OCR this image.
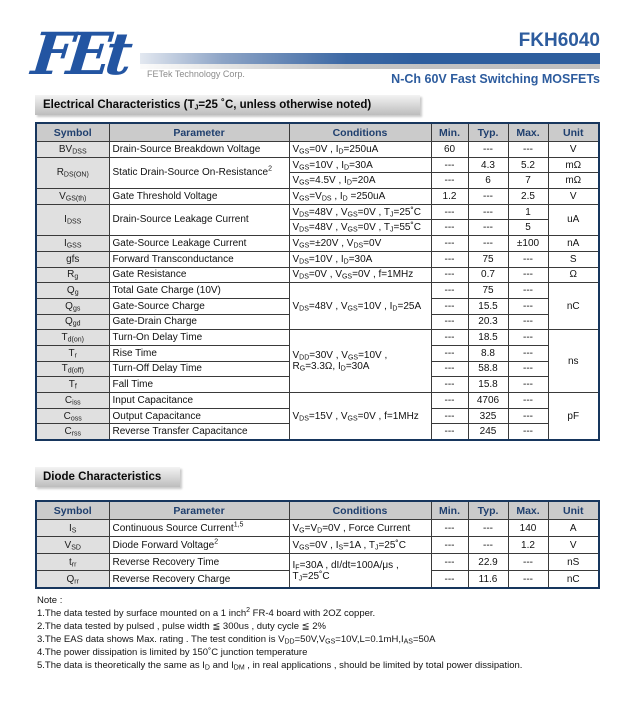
FEt	FETek Technology Corp.
FKH6040
N-Ch 60V Fast Switching MOSFETs
Electrical Characteristics ($T_J=25$ ˚C, unless otherwise noted)
Symbol	Parameter	Conditions	Min.	Typ.	Max.	Unit
$BV_{DSS}$	Drain-Source Breakdown Voltage	$V_{GS}=0V$ , $I_D=250uA$	60	---	---	V
$R_{DS(ON)}$	Static Drain-Source On-Resistance$^2$	$V_{GS}=10V$ , $I_D=30A$	---	4.3	5.2	mΩ
		$V_{GS}=4.5V$ , $I_D=20A$	---	6	7	mΩ
$V_{GS(th)}$	Gate Threshold Voltage	$V_{GS}=V_{DS}$ , $I_D =250uA$	1.2	---	2.5	V
$I_{DSS}$	Drain-Source Leakage Current	$V_{DS}=48V$ , $V_{GS}=0V$ , $T_J=25˚C$	---	---	1	uA
		$V_{DS}=48V$ , $V_{GS}=0V$ , $T_J=55˚C$	---	---	5	
$I_{GSS}$	Gate-Source Leakage Current	$V_{GS}=\pm 20V$ , $V_{DS}=0V$	---	---	±100	nA
gfs	Forward Transconductance	$V_{DS}=10V$ , $I_D=30A$	---	75	---	S
$R_g$	Gate Resistance	$V_{DS}=0V$ , $V_{GS}=0V$ , f=1MHz	---	0.7	---	Ω
$Q_g$	Total Gate Charge (10V)	$V_{DS}=48V$ , $V_{GS}=10V$ , $I_D=25A$	---	75	---	nC
$Q_{gs}$	Gate-Source Charge		---	15.5	---	
$Q_{gd}$	Gate-Drain Charge		---	20.3	---	
$T_{d(on)}$	Turn-On Delay Time	$V_{DD}=30V$ , $V_{GS}=10V$ , $R_G=3.3\Omega$, $I_D=30A$	---	18.5	---	ns
$T_r$	Rise Time		---	8.8	---	
$T_{d(off)}$	Turn-Off Delay Time		---	58.8	---	
$T_f$	Fall Time		---	15.8	---	
$C_{iss}$	Input Capacitance	$V_{DS}=15V$ , $V_{GS}=0V$ , f=1MHz	---	4706	---	pF
$C_{oss}$	Output Capacitance		---	325	---	
$C_{rss}$	Reverse Transfer Capacitance		---	245	---	
Diode Characteristics
Symbol	Parameter	Conditions	Min.	Typ.	Max.	Unit
$I_S$	Continuous Source Current$^{1,5}$	$V_G=V_D=0V$ , Force Current	---	---	140	A
$V_{SD}$	Diode Forward Voltage$^2$	$V_{GS}=0V$ , $I_S=1A$ , $T_J=25˚C$	---	---	1.2	V
$t_{rr}$	Reverse Recovery Time	$I_F=30A$ , dI/dt=100A/μs , $T_J=25˚C$	---	22.9	---	nS
$Q_{rr}$	Reverse Recovery Charge		---	11.6	---	nC
Note :
1.The data tested by surface mounted on a 1 inch$^2$ FR-4 board with 2OZ copper.
2.The data tested by pulsed , pulse width ≦ 300us , duty cycle ≦ 2%
3.The EAS data shows Max. rating . The test condition is $V_{DD}=50V,V_{GS}=10V,L=0.1mH,I_{AS}=50A$
4.The power dissipation is limited by 150˚C junction temperature
5.The data is theoretically the same as $I_D$ and $I_{DM}$ , in real applications , should be limited by total power dissipation.
